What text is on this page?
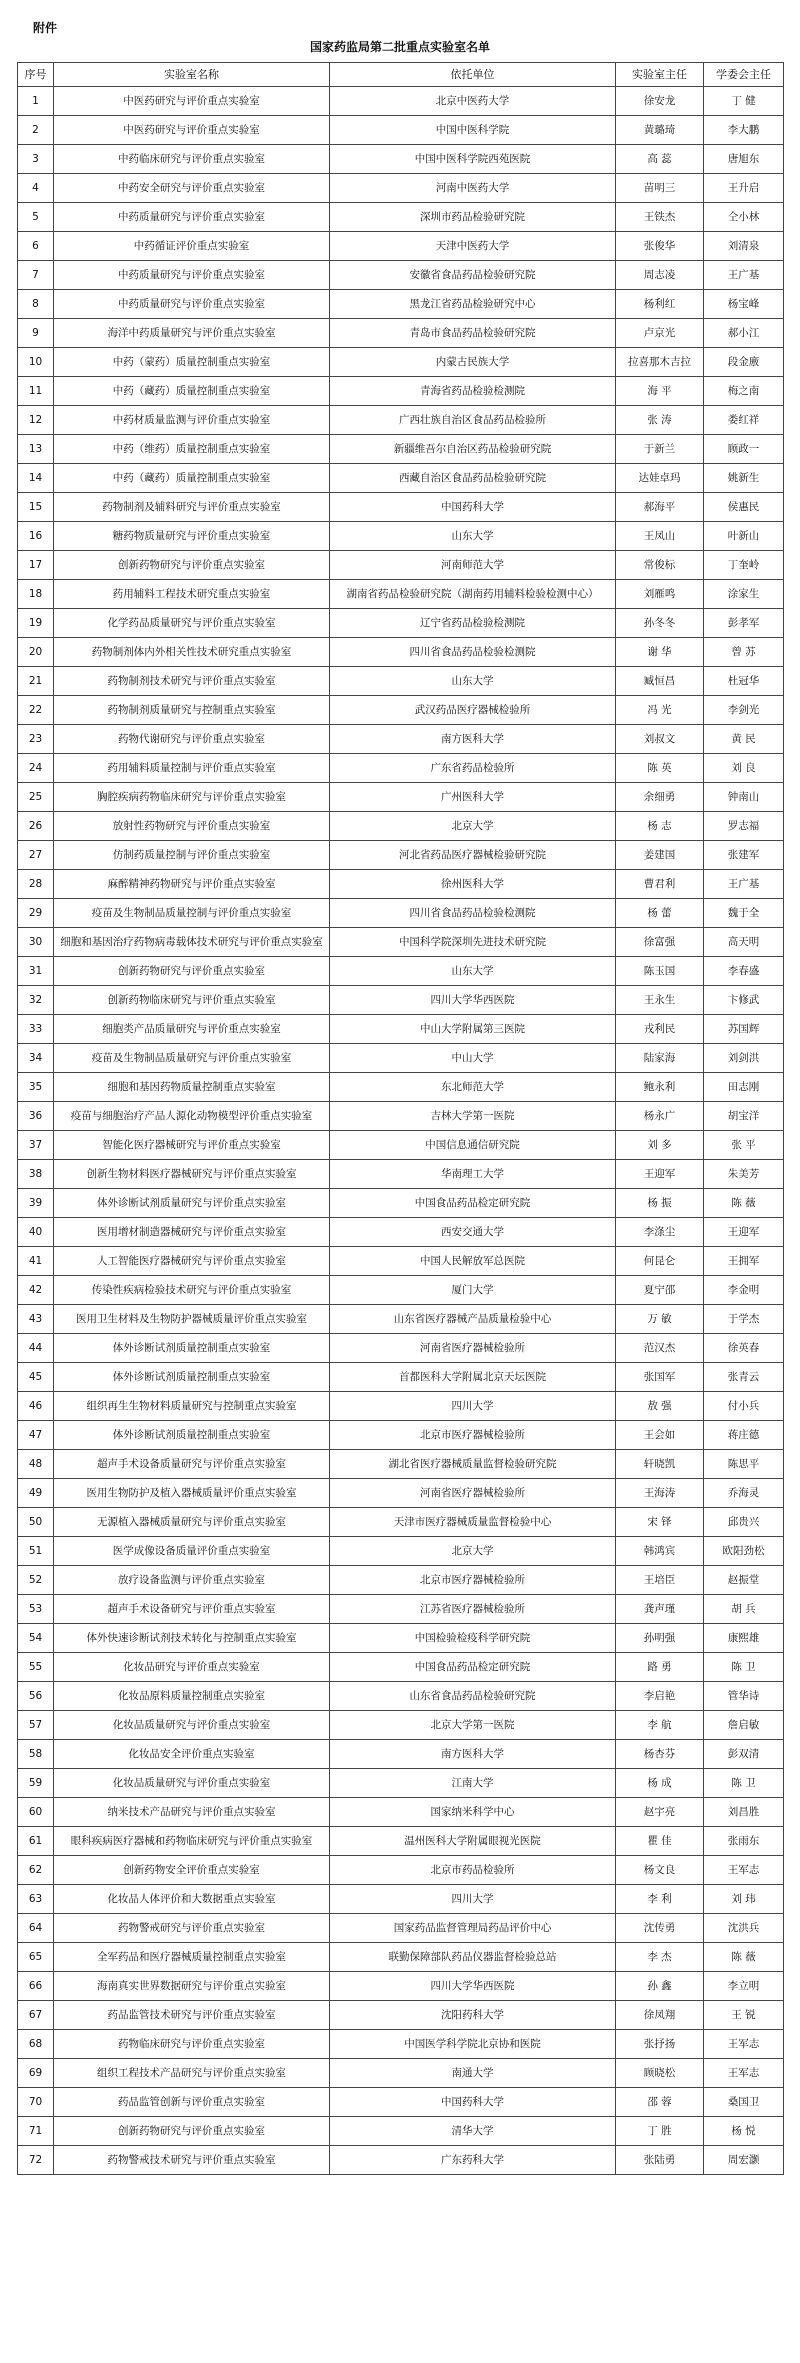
附件
国家药监局第二批重点实验室名单
序号	实验室名称	依托单位	实验室主任	学委会主任
1	中医药研究与评价重点实验室	北京中医药大学	徐安龙	丁 健
2	中医药研究与评价重点实验室	中国中医科学院	黄璐琦	李大鹏
3	中药临床研究与评价重点实验室	中国中医科学院西苑医院	高 蕊	唐旭东
4	中药安全研究与评价重点实验室	河南中医药大学	苗明三	王升启
5	中药质量研究与评价重点实验室	深圳市药品检验研究院	王铁杰	仝小林
6	中药循证评价重点实验室	天津中医药大学	张俊华	刘清泉
7	中药质量研究与评价重点实验室	安徽省食品药品检验研究院	周志凌	王广基
8	中药质量研究与评价重点实验室	黑龙江省药品检验研究中心	杨利红	杨宝峰
9	海洋中药质量研究与评价重点实验室	青岛市食品药品检验研究院	卢京光	郝小江
10	中药（蒙药）质量控制重点实验室	内蒙古民族大学	拉喜那木吉拉	段金廒
11	中药（藏药）质量控制重点实验室	青海省药品检验检测院	海 平	梅之南
12	中药材质量监测与评价重点实验室	广西壮族自治区食品药品检验所	张 涛	娄红祥
13	中药（维药）质量控制重点实验室	新疆维吾尔自治区药品检验研究院	于新兰	顾政一
14	中药（藏药）质量控制重点实验室	西藏自治区食品药品检验研究院	达娃卓玛	姚新生
15	药物制剂及辅料研究与评价重点实验室	中国药科大学	郝海平	侯惠民
16	糖药物质量研究与评价重点实验室	山东大学	王凤山	叶新山
17	创新药物研究与评价重点实验室	河南师范大学	常俊标	丁奎岭
18	药用辅料工程技术研究重点实验室	湖南省药品检验研究院（湖南药用辅料检验检测中心）	刘雁鸣	涂家生
19	化学药品质量研究与评价重点实验室	辽宁省药品检验检测院	孙冬冬	彭孝军
20	药物制剂体内外相关性技术研究重点实验室	四川省食品药品检验检测院	谢 华	曾 苏
21	药物制剂技术研究与评价重点实验室	山东大学	臧恒昌	杜冠华
22	药物制剂质量研究与控制重点实验室	武汉药品医疗器械检验所	冯 光	李剑光
23	药物代谢研究与评价重点实验室	南方医科大学	刘叔文	黄 民
24	药用辅料质量控制与评价重点实验室	广东省药品检验所	陈 英	刘 良
25	胸腔疾病药物临床研究与评价重点实验室	广州医科大学	余细勇	钟南山
26	放射性药物研究与评价重点实验室	北京大学	杨 志	罗志福
27	仿制药质量控制与评价重点实验室	河北省药品医疗器械检验研究院	姜建国	张建军
28	麻醉精神药物研究与评价重点实验室	徐州医科大学	曹君利	王广基
29	疫苗及生物制品质量控制与评价重点实验室	四川省食品药品检验检测院	杨 蕾	魏于全
30	细胞和基因治疗药物病毒载体技术研究与评价重点实验室	中国科学院深圳先进技术研究院	徐富强	高天明
31	创新药物研究与评价重点实验室	山东大学	陈玉国	李春盛
32	创新药物临床研究与评价重点实验室	四川大学华西医院	王永生	卞修武
33	细胞类产品质量研究与评价重点实验室	中山大学附属第三医院	戎利民	苏国辉
34	疫苗及生物制品质量研究与评价重点实验室	中山大学	陆家海	刘剑洪
35	细胞和基因药物质量控制重点实验室	东北师范大学	鲍永利	田志刚
36	疫苗与细胞治疗产品人源化动物模型评价重点实验室	吉林大学第一医院	杨永广	胡宝洋
37	智能化医疗器械研究与评价重点实验室	中国信息通信研究院	刘 多	张 平
38	创新生物材料医疗器械研究与评价重点实验室	华南理工大学	王迎军	朱美芳
39	体外诊断试剂质量研究与评价重点实验室	中国食品药品检定研究院	杨 振	陈 薇
40	医用增材制造器械研究与评价重点实验室	西安交通大学	李涤尘	王迎军
41	人工智能医疗器械研究与评价重点实验室	中国人民解放军总医院	何昆仑	王拥军
42	传染性疾病检验技术研究与评价重点实验室	厦门大学	夏宁邵	李金明
43	医用卫生材料及生物防护器械质量评价重点实验室	山东省医疗器械产品质量检验中心	万 敏	于学杰
44	体外诊断试剂质量控制重点实验室	河南省医疗器械检验所	范汉杰	徐英春
45	体外诊断试剂质量控制重点实验室	首都医科大学附属北京天坛医院	张国军	张青云
46	组织再生生物材料质量研究与控制重点实验室	四川大学	敖 强	付小兵
47	体外诊断试剂质量控制重点实验室	北京市医疗器械检验所	王会如	蒋庄德
48	超声手术设备质量研究与评价重点实验室	湖北省医疗器械质量监督检验研究院	轩晓凯	陈思平
49	医用生物防护及植入器械质量评价重点实验室	河南省医疗器械检验所	王海涛	乔海灵
50	无源植入器械质量研究与评价重点实验室	天津市医疗器械质量监督检验中心	宋 铎	邱贵兴
51	医学成像设备质量评价重点实验室	北京大学	韩鸿宾	欧阳劲松
52	放疗设备监测与评价重点实验室	北京市医疗器械检验所	王培臣	赵振堂
53	超声手术设备研究与评价重点实验室	江苏省医疗器械检验所	龚声瑾	胡 兵
54	体外快速诊断试剂技术转化与控制重点实验室	中国检验检疫科学研究院	孙明强	康熙雄
55	化妆品研究与评价重点实验室	中国食品药品检定研究院	路 勇	陈 卫
56	化妆品原料质量控制重点实验室	山东省食品药品检验研究院	李启艳	管华诗
57	化妆品质量研究与评价重点实验室	北京大学第一医院	李 航	詹启敏
58	化妆品安全评价重点实验室	南方医科大学	杨杏芬	彭双清
59	化妆品质量研究与评价重点实验室	江南大学	杨 成	陈 卫
60	纳米技术产品研究与评价重点实验室	国家纳米科学中心	赵宇亮	刘昌胜
61	眼科疾病医疗器械和药物临床研究与评价重点实验室	温州医科大学附属眼视光医院	瞿 佳	张雨东
62	创新药物安全评价重点实验室	北京市药品检验所	杨文良	王军志
63	化妆品人体评价和大数据重点实验室	四川大学	李 利	刘 玮
64	药物警戒研究与评价重点实验室	国家药品监督管理局药品评价中心	沈传勇	沈洪兵
65	全军药品和医疗器械质量控制重点实验室	联勤保障部队药品仪器监督检验总站	李 杰	陈 薇
66	海南真实世界数据研究与评价重点实验室	四川大学华西医院	孙 鑫	李立明
67	药品监管技术研究与评价重点实验室	沈阳药科大学	徐凤翔	王 锐
68	药物临床研究与评价重点实验室	中国医学科学院北京协和医院	张抒扬	王军志
69	组织工程技术产品研究与评价重点实验室	南通大学	顾晓松	王军志
70	药品监管创新与评价重点实验室	中国药科大学	邵 蓉	桑国卫
71	创新药物研究与评价重点实验室	清华大学	丁 胜	杨 悦
72	药物警戒技术研究与评价重点实验室	广东药科大学	张陆勇	周宏灏
